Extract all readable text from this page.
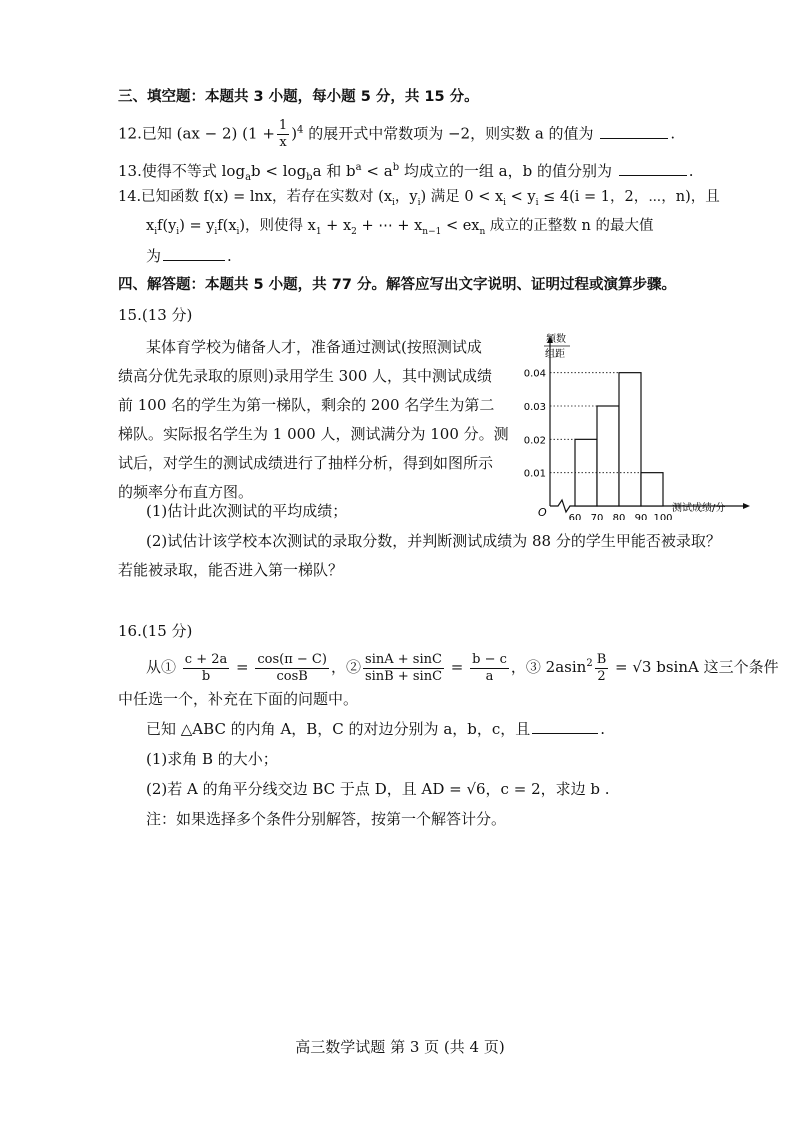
三、填空题：本题共 3 小题，每小题 5 分，共 15 分。
12.已知 (ax − 2) $(1 + \frac{1}{x} )^4$ 的展开式中常数项为 −2，则实数 a 的值为	.
13.使得不等式 $\log_ab < \log_ba$ 和 $b^a < a^b$ 均成立的一组 a，b 的值分别为	.
14.已知函数 f(x) = lnx，若存在实数对 ($x_i$，$y_i$) 满足 $0 < x_i < y_i \le 4(i = 1$，2，⋯，n)，且
$x_if(y_i) = y_if(x_i)$，则使得 $x_1 + x_2$ + ⋯ + $x_{n-1} < ex_n$ 成立的正整数 n 的最大值
为	.
四、解答题：本题共 5 小题，共 77 分。解答应写出文字说明、证明过程或演算步骤。
15.(13 分)
某体育学校为储备人才，准备通过测试(按照测试成
绩高分优先录取的原则)录用学生 300 人，其中测试成绩
前 100 名的学生为第一梯队，剩余的 200 名学生为第二
梯队。实际报名学生为 1 000 人，测试满分为 100 分。测
试后，对学生的测试成绩进行了抽样分析，得到如图所示
的频率分布直方图。
(1)估计此次测试的平均成绩；
(2)试估计该学校本次测试的录取分数，并判断测试成绩为 88 分的学生甲能否被录取？
若能被录取，能否进入第一梯队？
O
频数
组距
测试成绩/分
0.01
0.02
0.03
0.04
60 70 80 90 100
16.(15 分)
从① $\frac{c + 2a}{b} = \frac{\cos(\pi - C)}{\cos B}$ ，② $\frac{\sin A + \sin C}{\sin B + \sin C} = \frac{b - c}{a}$ ，③ $2asin^2 \frac{B}{2} = √3$ bsinA 这三个条件
中任选一个，补充在下面的问题中。
已知 △ABC 的内角 A，B，C 的对边分别为 a，b，c，且	.
(1)求角 B 的大小；
(2)若 A 的角平分线交边 BC 于点 D，且 AD = √6，c = 2，求边 b .
注：如果选择多个条件分别解答，按第一个解答计分。
高三数学试题 第 3 页 (共 4 页)
